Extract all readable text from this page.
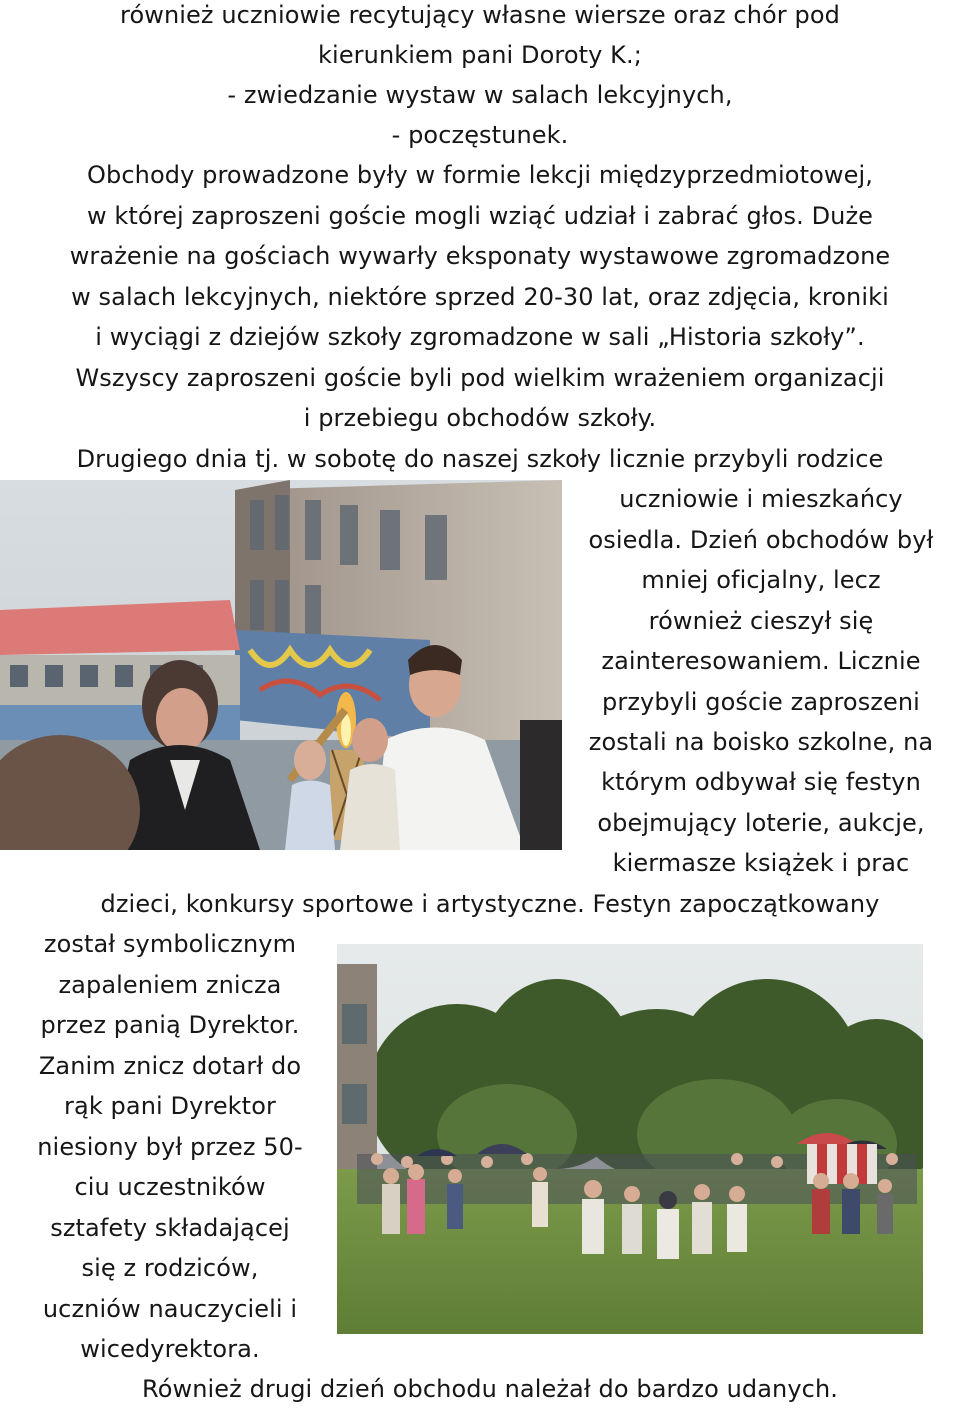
również uczniowie recytujący własne wiersze oraz chór pod
kierunkiem pani Doroty K.;
- zwiedzanie wystaw w salach lekcyjnych,
- poczęstunek.
Obchody prowadzone były w formie lekcji międzyprzedmiotowej,
w której zaproszeni goście mogli wziąć udział i zabrać głos. Duże
wrażenie na gościach wywarły eksponaty wystawowe zgromadzone
w salach lekcyjnych, niektóre sprzed 20-30 lat, oraz zdjęcia, kroniki
i wyciągi z dziejów szkoły zgromadzone w sali „Historia szkoły”.
Wszyscy zaproszeni goście byli pod wielkim wrażeniem organizacji
i przebiegu obchodów szkoły.
Drugiego dnia tj. w sobotę do naszej szkoły licznie przybyli rodzice
uczniowie i mieszkańcy
osiedla. Dzień obchodów był
mniej oficjalny, lecz
również cieszył się
zainteresowaniem. Licznie
przybyli goście zaproszeni
zostali na boisko szkolne, na
którym odbywał się festyn
obejmujący loterie, aukcje,
kiermasze książek i prac
dzieci, konkursy sportowe i artystyczne. Festyn zapoczątkowany
został symbolicznym
zapaleniem znicza
przez panią Dyrektor.
Zanim znicz dotarł do
rąk pani Dyrektor
niesiony był przez 50-
ciu uczestników
sztafety składającej
się z rodziców,
uczniów nauczycieli i
wicedyrektora.
Również drugi dzień obchodu należał do bardzo udanych.
